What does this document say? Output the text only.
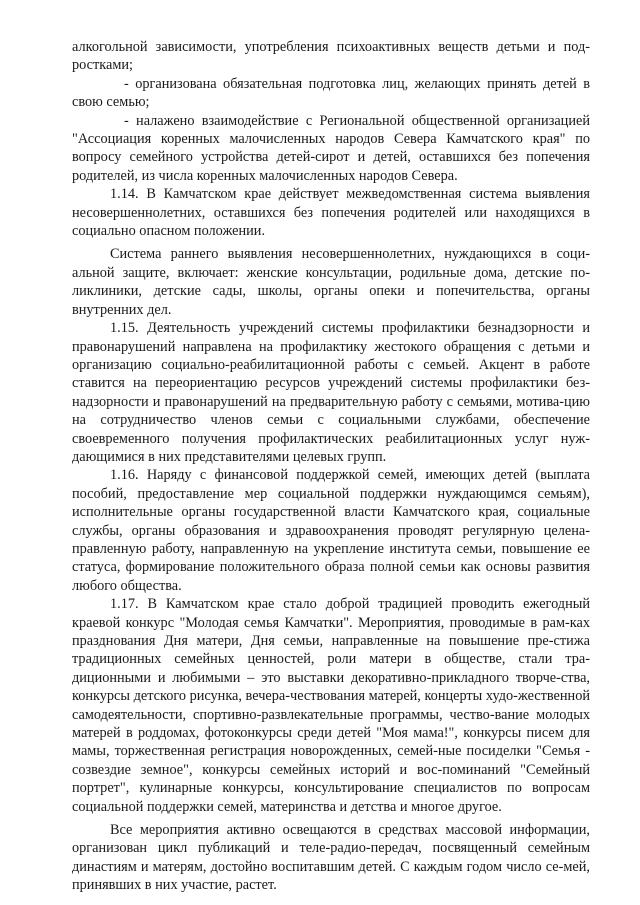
алкогольной зависимости, употребления психоактивных веществ детьми и под-ростками;

- организована обязательная подготовка лиц, желающих принять детей в свою семью;

- налажено взаимодействие с Региональной общественной организацией "Ассоциация коренных малочисленных народов Севера Камчатского края" по вопросу семейного устройства детей-сирот и детей, оставшихся без попечения родителей, из числа коренных малочисленных народов Севера.

1.14. В Камчатском крае действует межведомственная система выявления несовершеннолетних, оставшихся без попечения родителей или находящихся в социально опасном положении.

Система раннего выявления несовершеннолетних, нуждающихся в соци-альной защите, включает: женские консультации, родильные дома, детские по-ликлиники, детские сады, школы, органы опеки и попечительства, органы внутренних дел.

1.15. Деятельность учреждений системы профилактики безнадзорности и правонарушений направлена на профилактику жестокого обращения с детьми и организацию социально-реабилитационной работы с семьей. Акцент в работе ставится на переориентацию ресурсов учреждений системы профилактики без-надзорности и правонарушений на предварительную работу с семьями, мотива-цию на сотрудничество членов семьи с социальными службами, обеспечение своевременного получения профилактических реабилитационных услуг нуж-дающимися в них представителями целевых групп.

1.16. Наряду с финансовой поддержкой семей, имеющих детей (выплата пособий, предоставление мер социальной поддержки нуждающимся семьям), исполнительные органы государственной власти Камчатского края, социальные службы, органы образования и здравоохранения проводят регулярную целена-правленную работу, направленную на укрепление института семьи, повышение ее статуса, формирование положительного образа полной семьи как основы развития любого общества.

1.17. В Камчатском крае стало доброй традицией проводить ежегодный краевой конкурс "Молодая семья Камчатки". Мероприятия, проводимые в рам-ках празднования Дня матери, Дня семьи, направленные на повышение пре-стижа традиционных семейных ценностей, роли матери в обществе, стали тра-диционными и любимыми – это выставки декоративно-прикладного творче-ства, конкурсы детского рисунка, вечера-чествования матерей, концерты худо-жественной самодеятельности, спортивно-развлекательные программы, чество-вание молодых матерей в роддомах, фотоконкурсы среди детей "Моя мама!", конкурсы писем для мамы, торжественная регистрация новорожденных, семей-ные посиделки "Семья - созвездие земное", конкурсы семейных историй и вос-поминаний "Семейный портрет", кулинарные конкурсы, консультирование специалистов по вопросам социальной поддержки семей, материнства и детства и многое другое.

Все мероприятия активно освещаются в средствах массовой информации, организован цикл публикаций и теле-радио-передач, посвященный семейным династиям и матерям, достойно воспитавшим детей. С каждым годом число се-мей, принявших в них участие, растет.
